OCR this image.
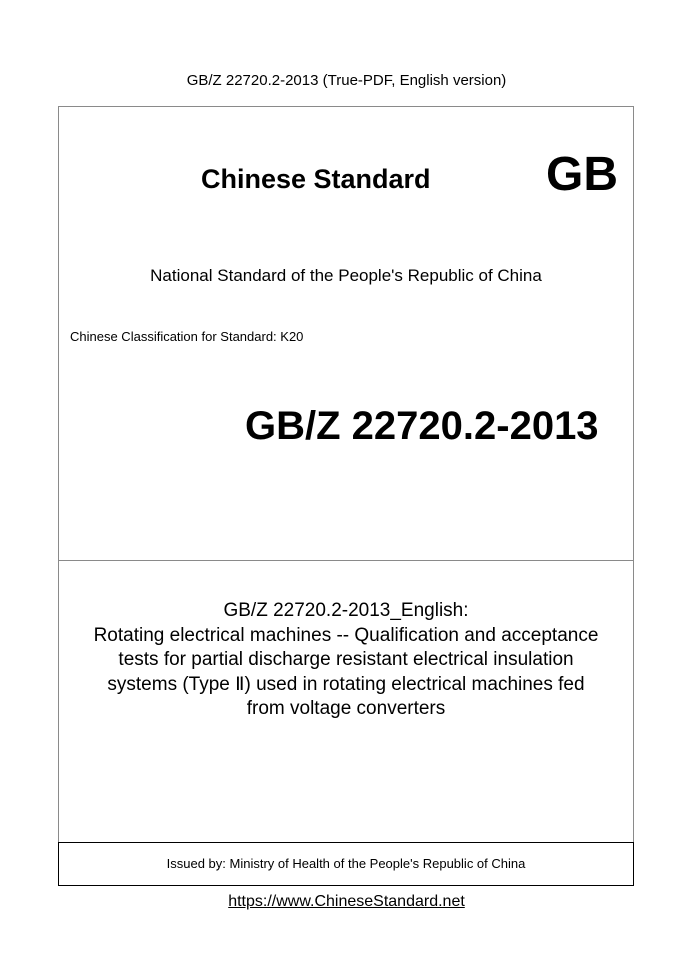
GB/Z 22720.2-2013 (True-PDF, English version)
Chinese Standard GB
National Standard of the People's Republic of China
Chinese Classification for Standard: K20
GB/Z 22720.2-2013
GB/Z 22720.2-2013_English:
Rotating electrical machines -- Qualification and acceptance
tests for partial discharge resistant electrical insulation
systems (Type Ⅱ) used in rotating electrical machines fed
from voltage converters
Issued by: Ministry of Health of the People's Republic of China
https://www.ChineseStandard.net
